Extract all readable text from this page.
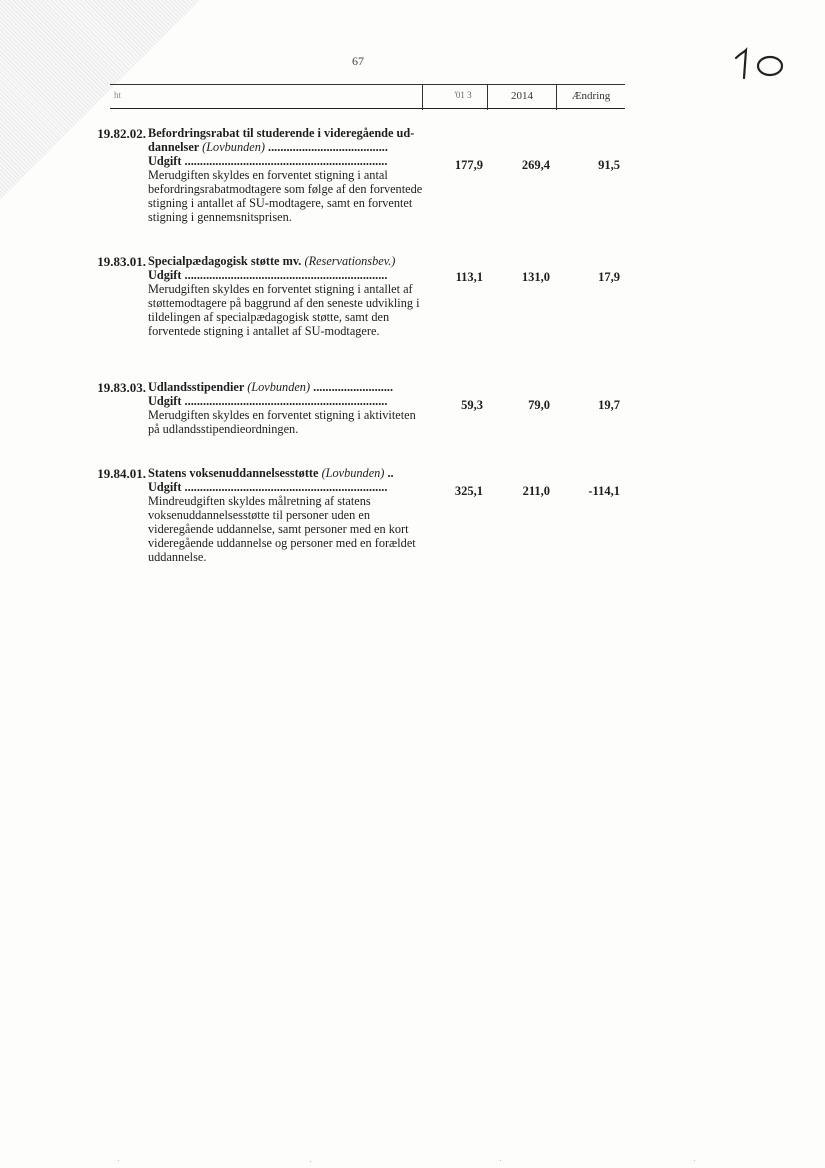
67
ht	'01 3	2014	Ændring
19.82.02. Befordringsrabat til studerende i videregående ud-dannelser (Lovbunden) .......................................
Udgift ..................................................................
Merudgiften skyldes en forventet stigning i antal befordringsrabatmodtagere som følge af den forventede stigning i antallet af SU-modtagere, samt en forventet stigning i gennemsnitsprisen.
177,9	269,4	91,5
19.83.01. Specialpædagogisk støtte mv. (Reservationsbev.)
Udgift ..................................................................
Merudgiften skyldes en forventet stigning i antallet af støttemodtagere på baggrund af den seneste udvikling i tildelingen af specialpædagogisk støtte, samt den forventede stigning i antallet af SU-modtagere.
113,1	131,0	17,9
19.83.03. Udlandsstipendier (Lovbunden) ..........................
Udgift ..................................................................
Merudgiften skyldes en forventet stigning i aktiviteten på udlandsstipendieordningen.
59,3	79,0	19,7
19.84.01. Statens voksenuddannelsesstøtte (Lovbunden) ..
Udgift ..................................................................
Mindreudgiften skyldes målretning af statens voksenuddannelsesstøtte til personer uden en videregående uddannelse, samt personer med en kort videregående uddannelse og personer med en forældet uddannelse.
325,1	211,0	-114,1
